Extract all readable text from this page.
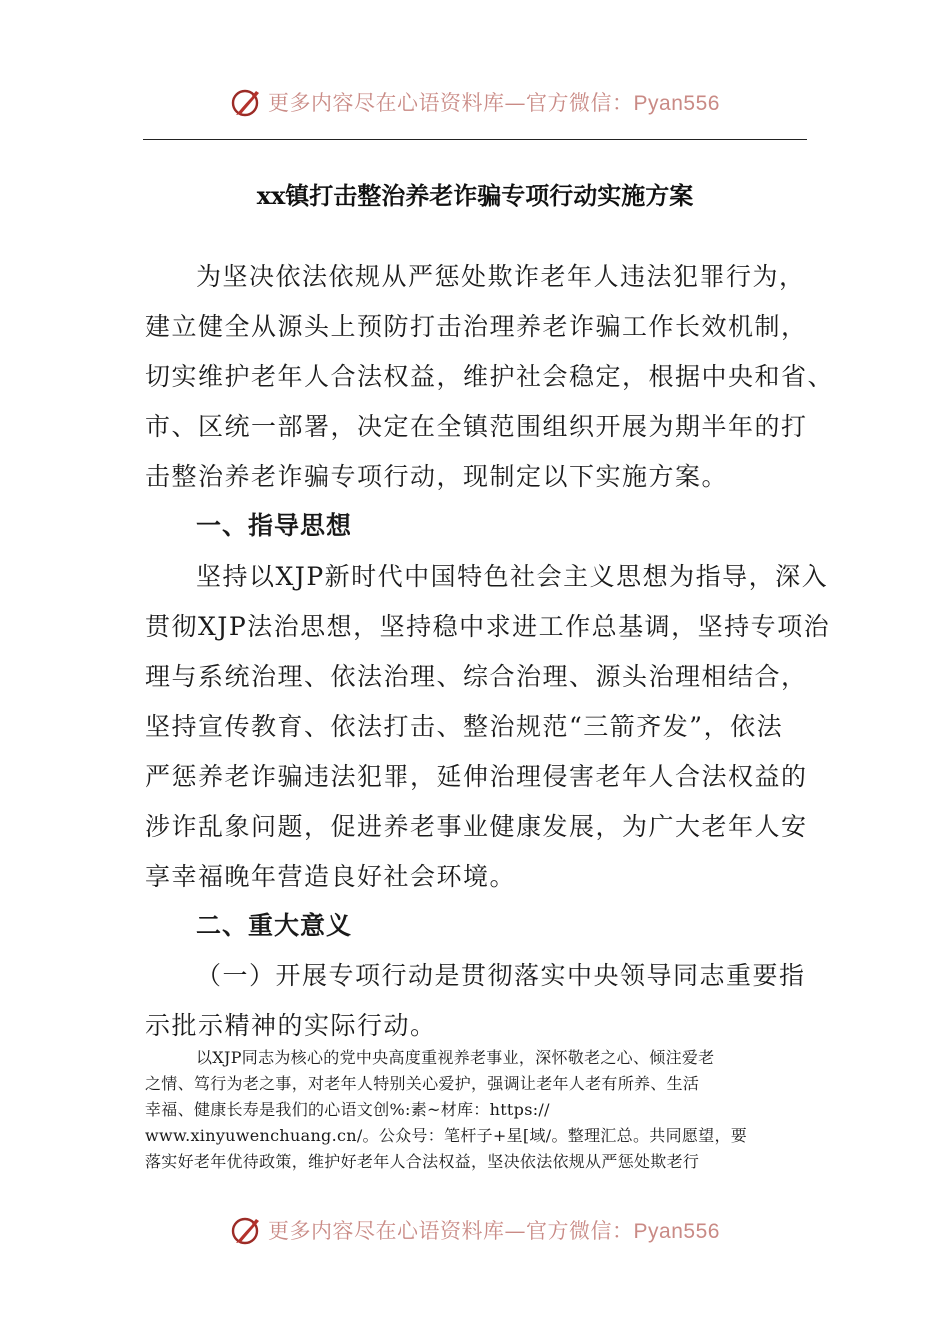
更多内容尽在心语资料库—官方微信：Pyan556
xx镇打击整治养老诈骗专项行动实施方案
为坚决依法依规从严惩处欺诈老年人违法犯罪行为，
建立健全从源头上预防打击治理养老诈骗工作长效机制，
切实维护老年人合法权益，维护社会稳定，根据中央和省、
市、区统一部署，决定在全镇范围组织开展为期半年的打
击整治养老诈骗专项行动，现制定以下实施方案。
一、指导思想
坚持以XJP新时代中国特色社会主义思想为指导，深入
贯彻XJP法治思想，坚持稳中求进工作总基调，坚持专项治
理与系统治理、依法治理、综合治理、源头治理相结合，
坚持宣传教育、依法打击、整治规范“三箭齐发”，依法
严惩养老诈骗违法犯罪，延伸治理侵害老年人合法权益的
涉诈乱象问题，促进养老事业健康发展，为广大老年人安
享幸福晚年营造良好社会环境。
二、重大意义
（一）开展专项行动是贯彻落实中央领导同志重要指
示批示精神的实际行动。
以XJP同志为核心的党中央高度重视养老事业，深怀敬老之心、倾注爱老
之情、笃行为老之事，对老年人特别关心爱护，强调让老年人老有所养、生活
幸福、健康长寿是我们的心语文创%:素~材库：https://
www.xinyuwenchuang.cn/。公众号：笔杆子+星[域/。整理汇总。共同愿望，要
落实好老年优待政策，维护好老年人合法权益，坚决依法依规从严惩处欺老行
更多内容尽在心语资料库—官方微信：Pyan556
